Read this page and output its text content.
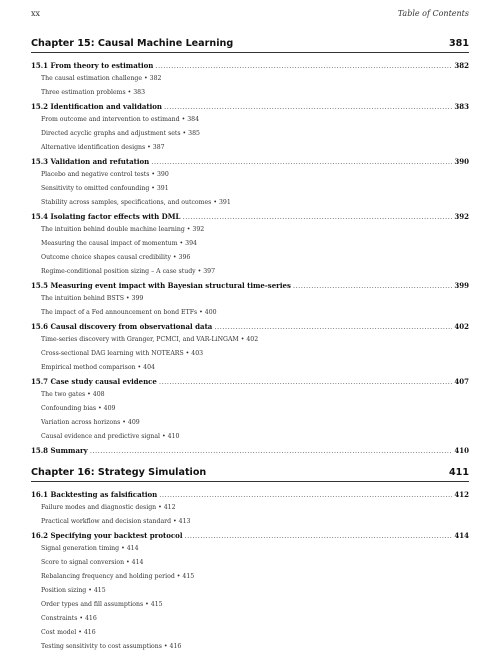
xx	Table of Contents
Chapter 15: Causal Machine Learning	381
15.1 From theory to estimation .....	382
The causal estimation challenge • 382
Three estimation problems • 383
15.2 Identification and validation .....	383
From outcome and intervention to estimand • 384
Directed acyclic graphs and adjustment sets • 385
Alternative identification designs • 387
15.3 Validation and refutation .....	390
Placebo and negative control tests • 390
Sensitivity to omitted confounding • 391
Stability across samples, specifications, and outcomes • 391
15.4 Isolating factor effects with DML .....	392
The intuition behind double machine learning • 392
Measuring the causal impact of momentum • 394
Outcome choice shapes causal credibility • 396
Regime-conditional position sizing – A case study • 397
15.5 Measuring event impact with Bayesian structural time-series .....	399
The intuition behind BSTS • 399
The impact of a Fed announcement on bond ETFs • 400
15.6 Causal discovery from observational data .....	402
Time-series discovery with Granger, PCMCI, and VAR-LiNGAM • 402
Cross-sectional DAG learning with NOTEARS • 403
Empirical method comparison • 404
15.7 Case study causal evidence .....	407
The two gates • 408
Confounding bias • 409
Variation across horizons • 409
Causal evidence and predictive signal • 410
15.8 Summary .....	410
Chapter 16: Strategy Simulation	411
16.1 Backtesting as falsification .....	412
Failure modes and diagnostic design • 412
Practical workflow and decision standard • 413
16.2 Specifying your backtest protocol .....	414
Signal generation timing • 414
Score to signal conversion • 414
Rebalancing frequency and holding period • 415
Position sizing • 415
Order types and fill assumptions • 415
Constraints • 416
Cost model • 416
Testing sensitivity to cost assumptions • 416
